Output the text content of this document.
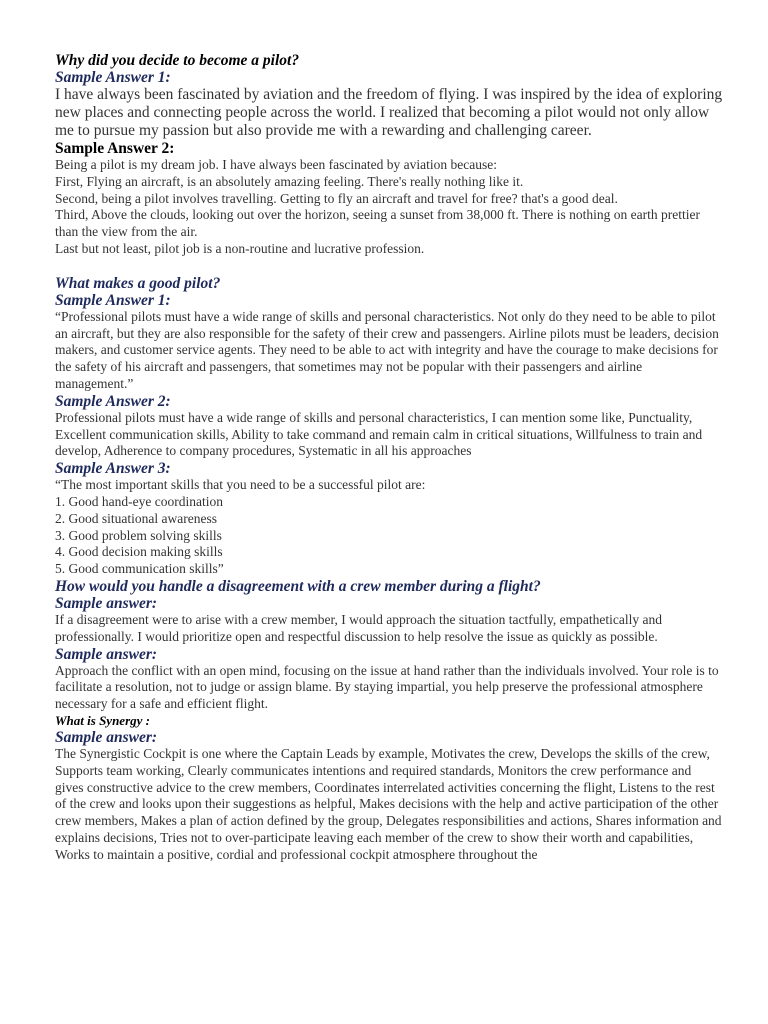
Why did you decide to become a pilot?
Sample Answer 1:

I have always been fascinated by aviation and the freedom of flying. I was inspired by the idea of exploring new places and connecting people across the world. I realized that becoming a pilot would not only allow me to pursue my passion but also provide me with a rewarding and challenging career.

Sample Answer 2:

Being a pilot is my dream job. I have always been fascinated by aviation because:

First, Flying an aircraft, is an absolutely amazing feeling. There's really nothing like it.

Second, being a pilot involves travelling. Getting to fly an aircraft and travel for free? that's a good deal.

Third, Above the clouds, looking out over the horizon, seeing a sunset from 38,000 ft. There is nothing on earth prettier than the view from the air.

Last but not least, pilot job is a non-routine and lucrative profession.

What makes a good pilot?
Sample Answer 1:

“Professional pilots must have a wide range of skills and personal characteristics. Not only do they need to be able to pilot an aircraft, but they are also responsible for the safety of their crew and passengers. Airline pilots must be leaders, decision makers, and customer service agents. They need to be able to act with integrity and have the courage to make decisions for the safety of his aircraft and passengers, that sometimes may not be popular with their passengers and airline management.”

Sample Answer 2:

Professional pilots must have a wide range of skills and personal characteristics, I can mention some like, Punctuality, Excellent communication skills, Ability to take command and remain calm in critical situations, Willfulness to train and develop, Adherence to company procedures, Systematic in all his approaches

Sample Answer 3:

“The most important skills that you need to be a successful pilot are:

1. Good hand-eye coordination

2. Good situational awareness

3. Good problem solving skills

4. Good decision making skills

5. Good communication skills”

How would you handle a disagreement with a crew member during a flight?
Sample answer:

If a disagreement were to arise with a crew member, I would approach the situation tactfully, empathetically and professionally. I would prioritize open and respectful discussion to help resolve the issue as quickly as possible.

Sample answer:

Approach the conflict with an open mind, focusing on the issue at hand rather than the individuals involved. Your role is to facilitate a resolution, not to judge or assign blame. By staying impartial, you help preserve the professional atmosphere necessary for a safe and efficient flight.

What is Synergy :
Sample answer:

The Synergistic Cockpit is one where the Captain Leads by example, Motivates the crew, Develops the skills of the crew, Supports team working, Clearly communicates intentions and required standards, Monitors the crew performance and gives constructive advice to the crew members, Coordinates interrelated activities concerning the flight, Listens to the rest of the crew and looks upon their suggestions as helpful, Makes decisions with the help and active participation of the other crew members, Makes a plan of action defined by the group, Delegates responsibilities and actions, Shares information and explains decisions, Tries not to over-participate leaving each member of the crew to show their worth and capabilities, Works to maintain a positive, cordial and professional cockpit atmosphere throughout the
